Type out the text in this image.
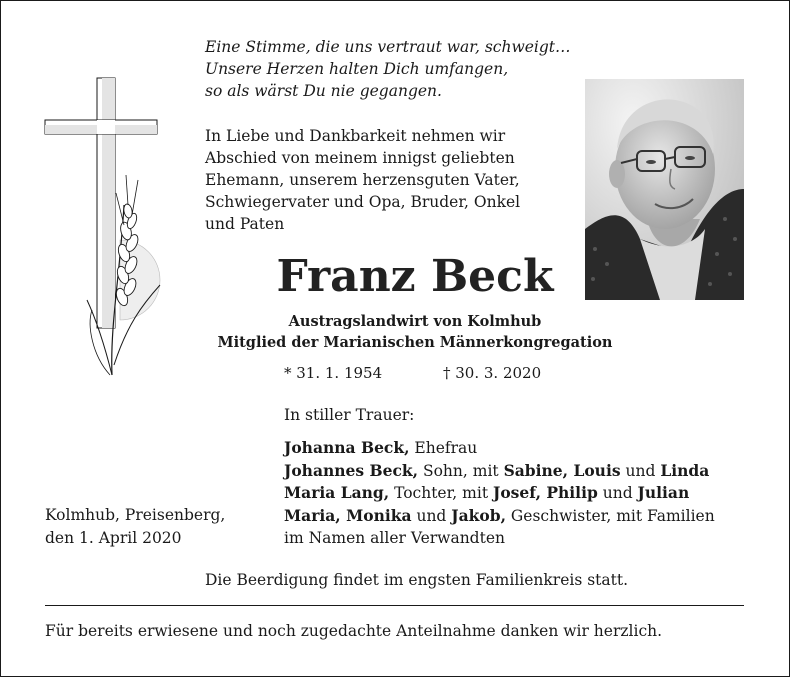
Eine Stimme, die uns vertraut war, schweigt…
Unsere Herzen halten Dich umfangen,
so als wärst Du nie gegangen.
In Liebe und Dankbarkeit nehmen wir
Abschied von meinem innigst geliebten
Ehemann, unserem herzensguten Vater,
Schwiegervater und Opa, Bruder, Onkel
und Paten
Franz Beck
Austragslandwirt von Kolmhub
Mitglied der Marianischen Männerkongregation
* 31. 1. 1954	† 30. 3. 2020
In stiller Trauer:
Johanna Beck, Ehefrau
Johannes Beck, Sohn, mit Sabine, Louis und Linda
Maria Lang, Tochter, mit Josef, Philip und Julian
Maria, Monika und Jakob, Geschwister, mit Familien
im Namen aller Verwandten
Kolmhub, Preisenberg,
den 1. April 2020
Die Beerdigung findet im engsten Familienkreis statt.
Für bereits erwiesene und noch zugedachte Anteilnahme danken wir herzlich.
